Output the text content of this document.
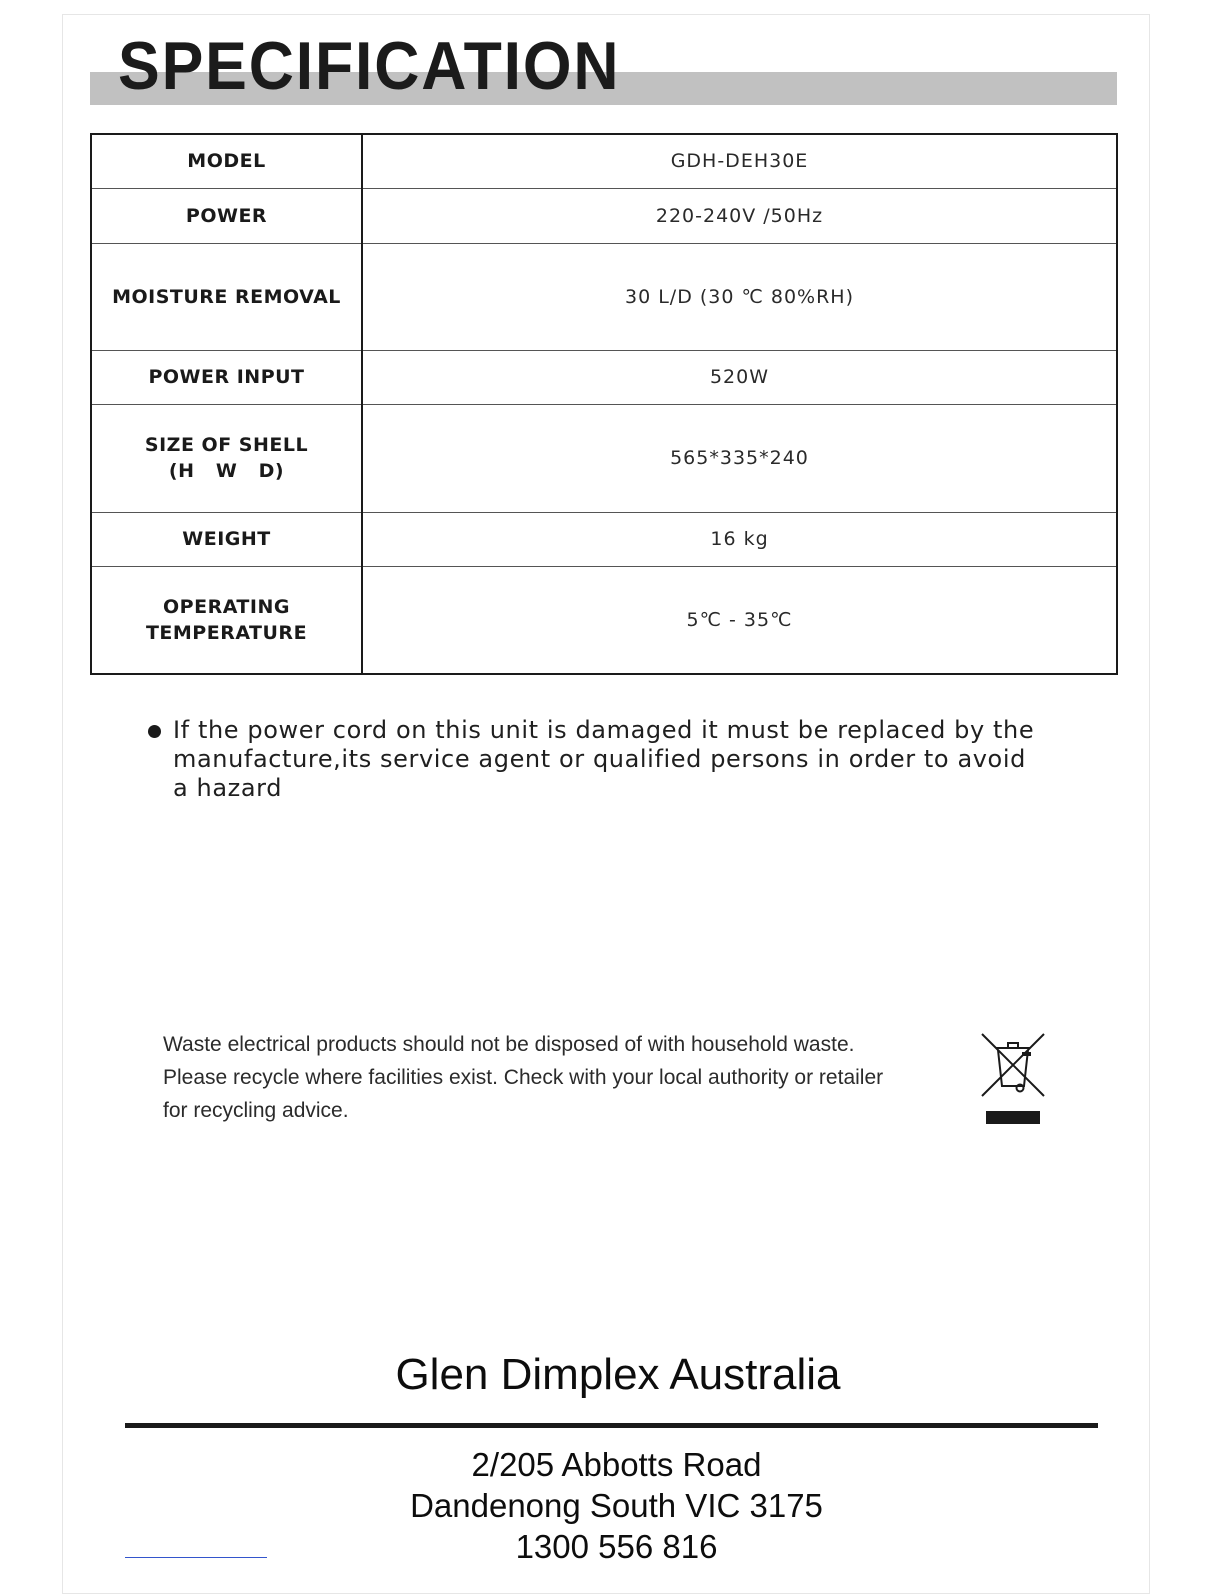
SPECIFICATION
MODEL	GDH-DEH30E
POWER	220-240V /50Hz
MOISTURE REMOVAL	30 L/D (30 ℃ 80%RH)
POWER INPUT	520W

SIZE OF SHELL
(H   W   D)	565*335*240
WEIGHT	16 kg

OPERATING
TEMPERATURE	5℃ - 35℃
If the power cord on this unit is damaged it must be replaced by the
manufacture,its service agent or qualified persons in order to avoid
a hazard
Waste electrical products should not be disposed of with household waste.
Please recycle where facilities exist. Check with your local authority or retailer
for recycling advice.
Glen Dimplex Australia
2/205 Abbotts Road
Dandenong South VIC 3175
1300 556 816
